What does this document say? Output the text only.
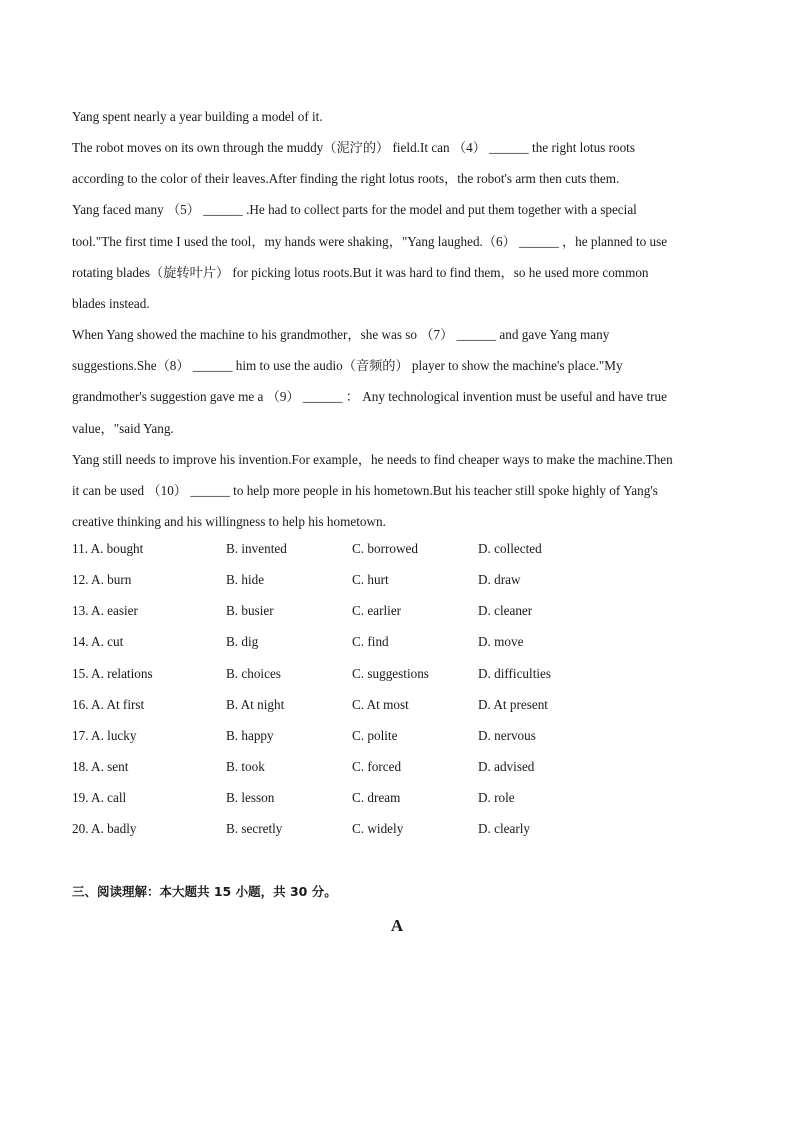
Yang spent nearly a year building a model of it.

The robot moves on its own through the muddy（泥泞的） field.It can （4） ______ the right lotus roots

according to the color of their leaves.After finding the right lotus roots，the robot's arm then cuts them.

Yang faced many （5） ______ .He had to collect parts for the model and put them together with a special

tool."The first time I used the tool，my hands were shaking，"Yang laughed.（6） ______ ，he planned to use

rotating blades（旋转叶片） for picking lotus roots.But it was hard to find them，so he used more common

blades instead.

When Yang showed the machine to his grandmother，she was so （7） ______ and gave Yang many

suggestions.She（8） ______ him to use the audio（音频的） player to show the machine's place."My

grandmother's suggestion gave me a （9） ______ ： Any technological invention must be useful and have true

value，"said Yang.

Yang still needs to improve his invention.For example，he needs to find cheaper ways to make the machine.Then

it can be used （10） ______ to help more people in his hometown.But his teacher still spoke highly of Yang's

creative thinking and his willingness to help his hometown.

11. A. bought	B. invented	C. borrowed	D. collected
12. A. burn	B. hide	C. hurt	D. draw
13. A. easier	B. busier	C. earlier	D. cleaner
14. A. cut	B. dig	C. find	D. move
15. A. relations	B. choices	C. suggestions	D. difficulties
16. A. At first	B. At night	C. At most	D. At present
17. A. lucky	B. happy	C. polite	D. nervous
18. A. sent	B. took	C. forced	D. advised
19. A. call	B. lesson	C. dream	D. role
20. A. badly	B. secretly	C. widely	D. clearly
三、阅读理解：本大题共 15 小题，共 30 分。
A
